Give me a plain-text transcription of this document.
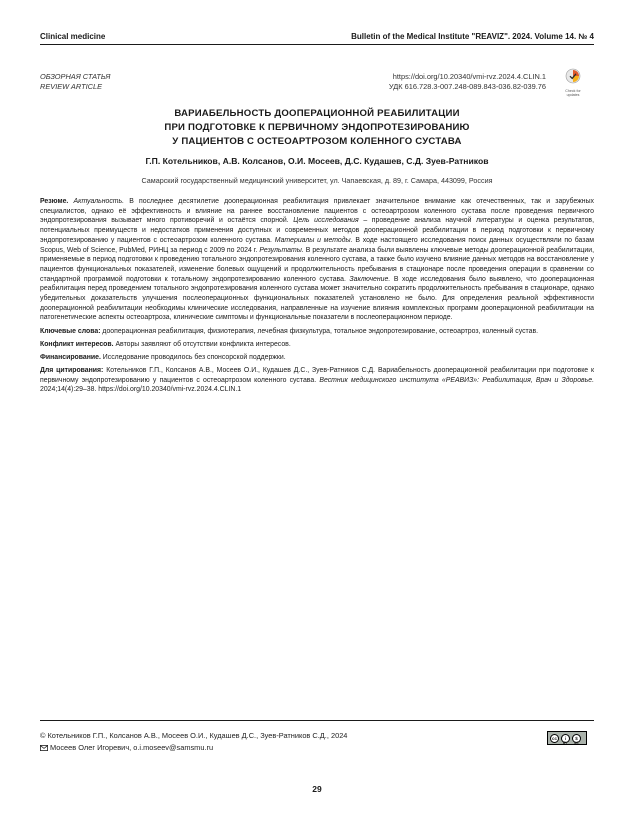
Clinical medicine	Bulletin of the Medical Institute "REAVIZ". 2024. Volume 14. № 4
ОБЗОРНАЯ СТАТЬЯ
REVIEW ARTICLE
https://doi.org/10.20340/vmi-rvz.2024.4.CLIN.1
УДК 616.728.3-007.248-089.843-036.82-039.76	Check for updates
ВАРИАБЕЛЬНОСТЬ ДООПЕРАЦИОННОЙ РЕАБИЛИТАЦИИ
ПРИ ПОДГОТОВКЕ К ПЕРВИЧНОМУ ЭНДОПРОТЕЗИРОВАНИЮ
У ПАЦИЕНТОВ С ОСТЕОАРТРОЗОМ КОЛЕННОГО СУСТАВА
Г.П. Котельников, А.В. Колсанов, О.И. Мосеев, Д.С. Кудашев, С.Д. Зуев-Ратников
Самарский государственный медицинский университет, ул. Чапаевская, д. 89, г. Самара, 443099, Россия

Резюме. Актуальность. В последнее десятилетие дооперационная реабилитация привлекает значительное внимание как отечественных, так и зарубежных специалистов, однако её эффективность и влияние на раннее восстановление пациентов с остеоартрозом коленного сустава после проведения первичного эндопротезирования вызывает много противоречий и остаётся спорной. Цель исследования – проведение анализа научной литературы и оценка результатов, потенциальных преимуществ и недостатков применения доступных и современных методов дооперационной реабилитации в период подготовки к первичному эндопротезированию у пациентов с остеоартрозом коленного сустава. Материалы и методы. В ходе настоящего исследования поиск данных осуществляли по базам Scopus, Web of Science, PubMed, РИНЦ за период с 2009 по 2024 г. Результаты. В результате анализа были выявлены ключевые методы дооперационной реабилитации, применяемые в период подготовки к проведению тотального эндопротезирования коленного сустава, а также было изучено влияние данных методов на восстановление у пациентов функциональных показателей, изменение болевых ощущений и продолжительность пребывания в стационаре после проведения операции в сравнении со стандартной программой подготовки к тотальному эндопротезированию коленного сустава. Заключение. В ходе исследования было выявлено, что дооперационная реабилитация перед проведением тотального эндопротезирования коленного сустава может значительно сократить продолжительность пребывания в стационаре, однако убедительных доказательств улучшения послеоперационных функциональных показателей установлено не было. Для определения реальной эффективности дооперационной реабилитации необходимы клинические исследования, направленные на изучение влияния комплексных программ дооперационной реабилитации на патогенетические аспекты остеоартроза, клинические симптомы и функциональные показатели в послеоперационном периоде.

Ключевые слова: дооперационная реабилитация, физиотерапия, лечебная физкультура, тотальное эндопротезирование, остеоартроз, коленный сустав.

Конфликт интересов. Авторы заявляют об отсутствии конфликта интересов.

Финансирование. Исследование проводилось без спонсорской поддержки.

Для цитирования: Котельников Г.П., Колсанов А.В., Мосеев О.И., Кудашев Д.С., Зуев-Ратников С.Д. Вариабельность дооперационной реабилитации при подготовке к первичному эндопротезированию у пациентов с остеоартрозом коленного сустава. Вестник медицинского института «РЕАВИЗ»: Реабилитация, Врач и Здоровье. 2024;14(4):29–38. https://doi.org/10.20340/vmi-rvz.2024.4.CLIN.1

© Котельников Г.П., Колсанов А.В., Мосеев О.И., Кудашев Д.С., Зуев-Ратников С.Д., 2024
Мосеев Олег Игоревич, o.i.moseev@samsmu.ru
cc	i	$
BY NC
29
